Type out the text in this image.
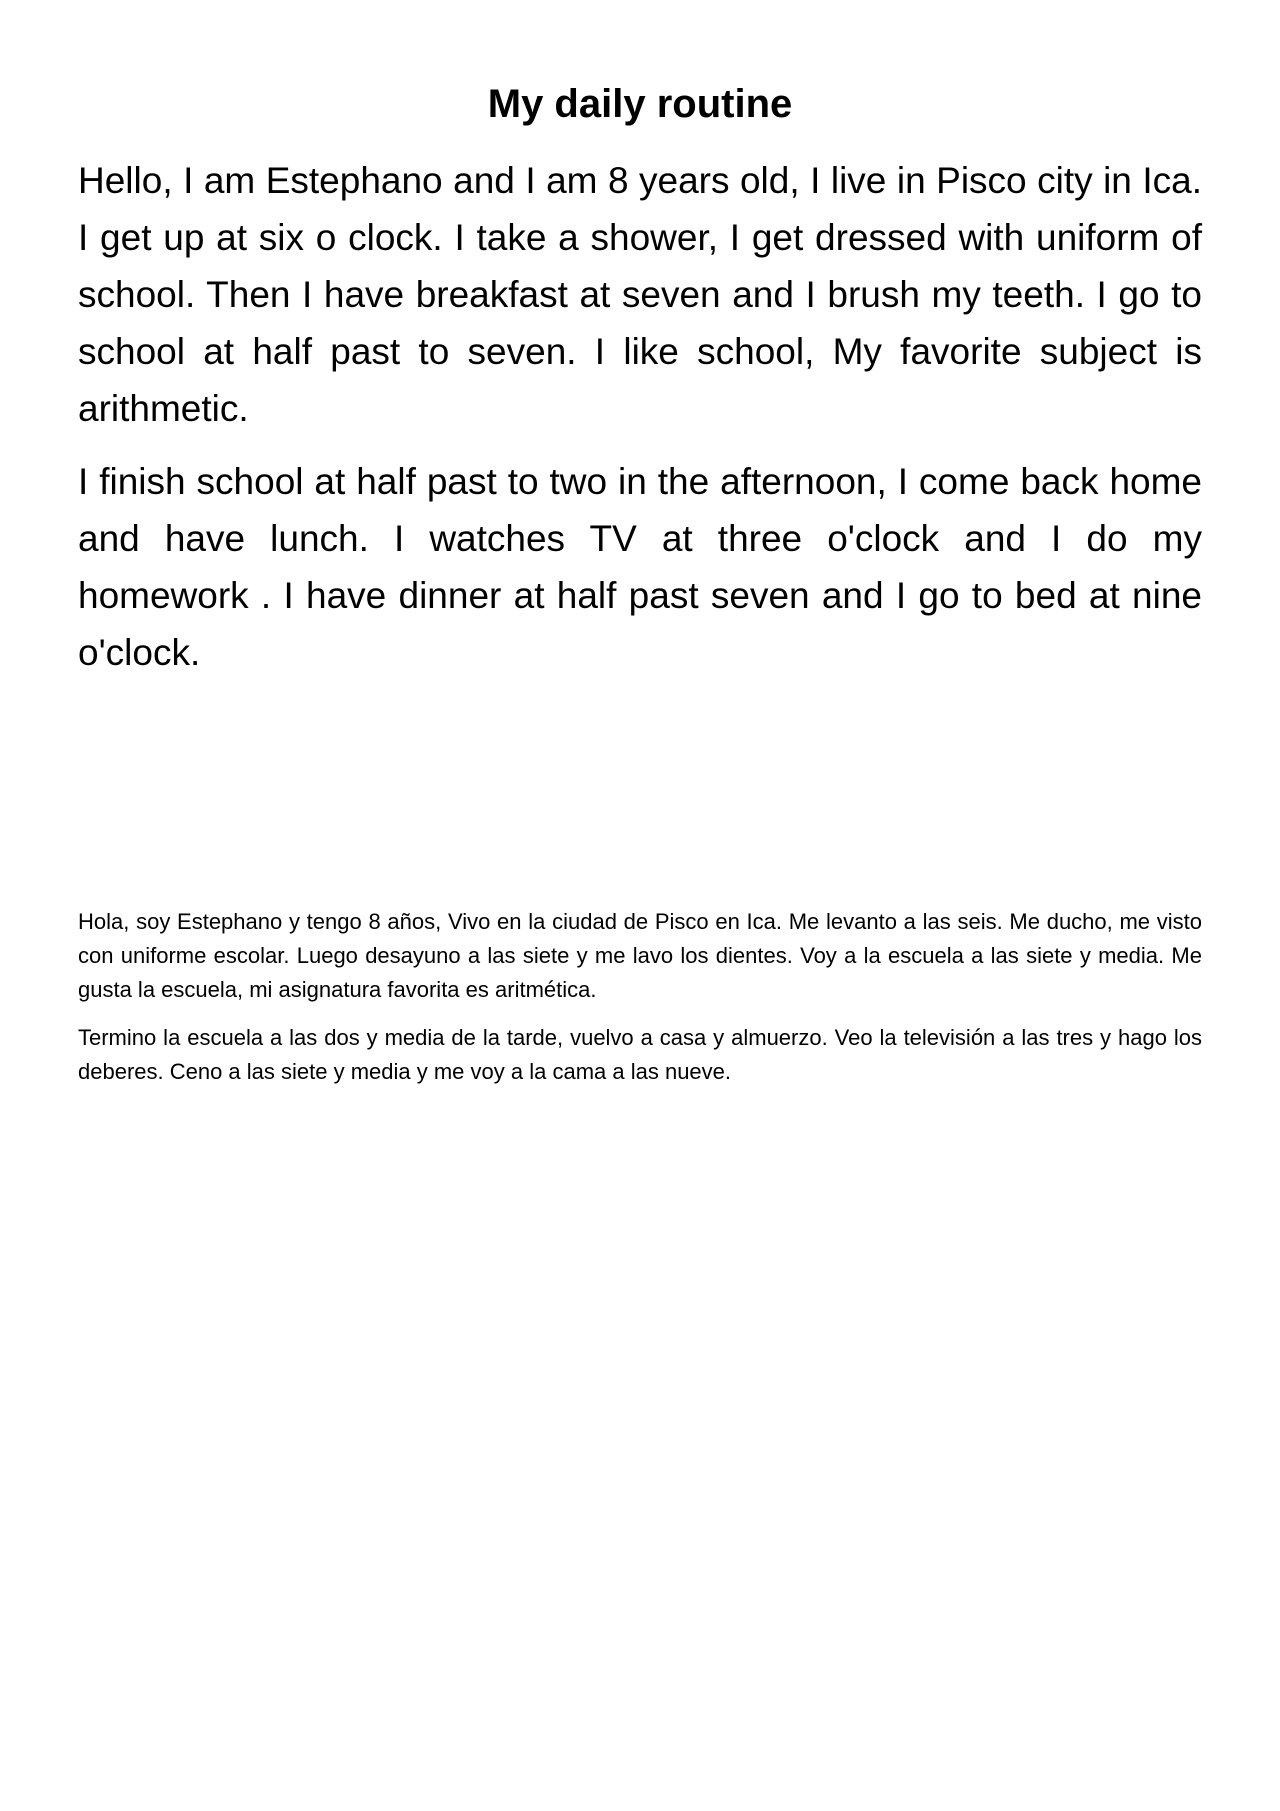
My daily routine

Hello, I am Estephano and I am 8 years old, I live in Pisco city in Ica. I get up at six o clock. I take a shower, I get dressed with uniform of school. Then I have breakfast at seven and I brush my teeth. I go to school at half past to seven. I like school, My favorite subject is arithmetic.

I finish school at half past to two in the afternoon, I come back home and have lunch. I watches TV at three o'clock and I do my homework . I have dinner at half past seven and I go to bed at nine o'clock.

Hola, soy Estephano y tengo 8 años, Vivo en la ciudad de Pisco en Ica. Me levanto a las seis. Me ducho, me visto con uniforme escolar. Luego desayuno a las siete y me lavo los dientes. Voy a la escuela a las siete y media. Me gusta la escuela, mi asignatura favorita es aritmética.

Termino la escuela a las dos y media de la tarde, vuelvo a casa y almuerzo. Veo la televisión a las tres y hago los deberes. Ceno a las siete y media y me voy a la cama a las nueve.
